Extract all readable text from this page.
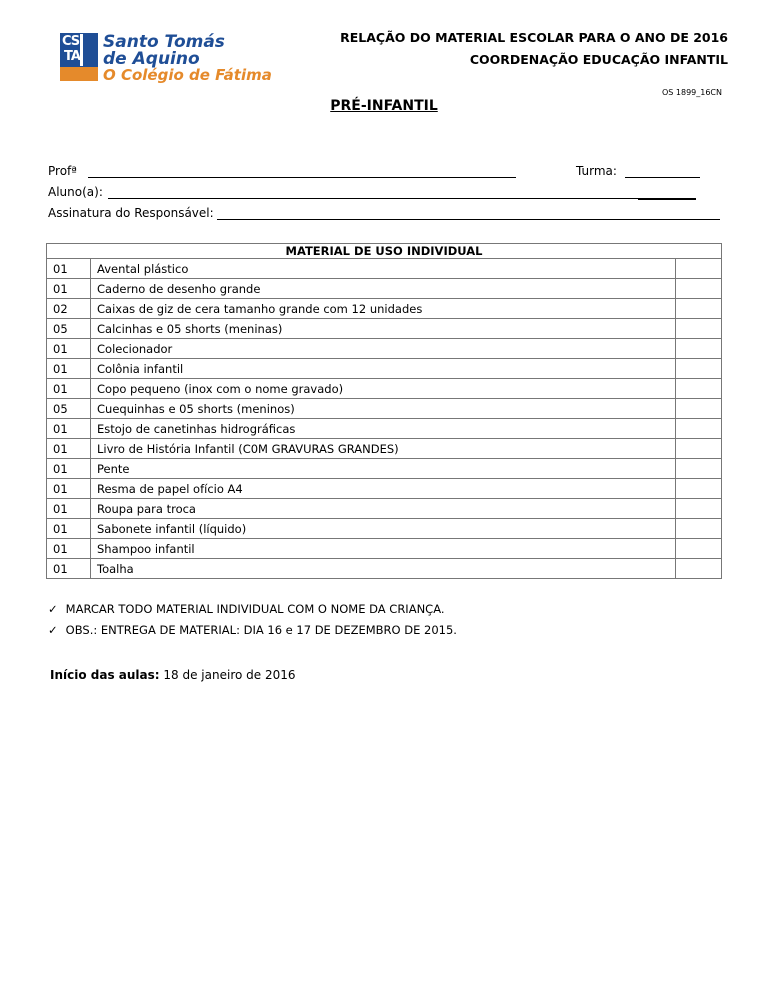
CS
TA
Santo Tomás
de Aquino
O Colégio de Fátima
RELAÇÃO DO MATERIAL ESCOLAR PARA O ANO DE 2016
COORDENAÇÃO EDUCAÇÃO INFANTIL
OS 1899_16CN
PRÉ-INFANTIL
Profª	Turma:
Aluno(a):
Assinatura do Responsável:
MATERIAL DE USO INDIVIDUAL		
01	Avental plástico	
01	Caderno de desenho grande	
02	Caixas de giz de cera tamanho grande com 12 unidades	
05	Calcinhas e 05 shorts (meninas)	
01	Colecionador	
01	Colônia infantil	
01	Copo pequeno (inox com o nome gravado)	
05	Cuequinhas e 05 shorts (meninos)	
01	Estojo de canetinhas hidrográficas	
01	Livro de História Infantil (C0M GRAVURAS GRANDES)	
01	Pente	
01	Resma de papel ofício A4	
01	Roupa para troca	
01	Sabonete infantil (líquido)	
01	Shampoo infantil	
01	Toalha	
✓ MARCAR TODO MATERIAL INDIVIDUAL COM O NOME DA CRIANÇA.
✓ OBS.: ENTREGA DE MATERIAL: DIA 16 e 17 DE DEZEMBRO DE 2015.
Início das aulas: 18 de janeiro de 2016
